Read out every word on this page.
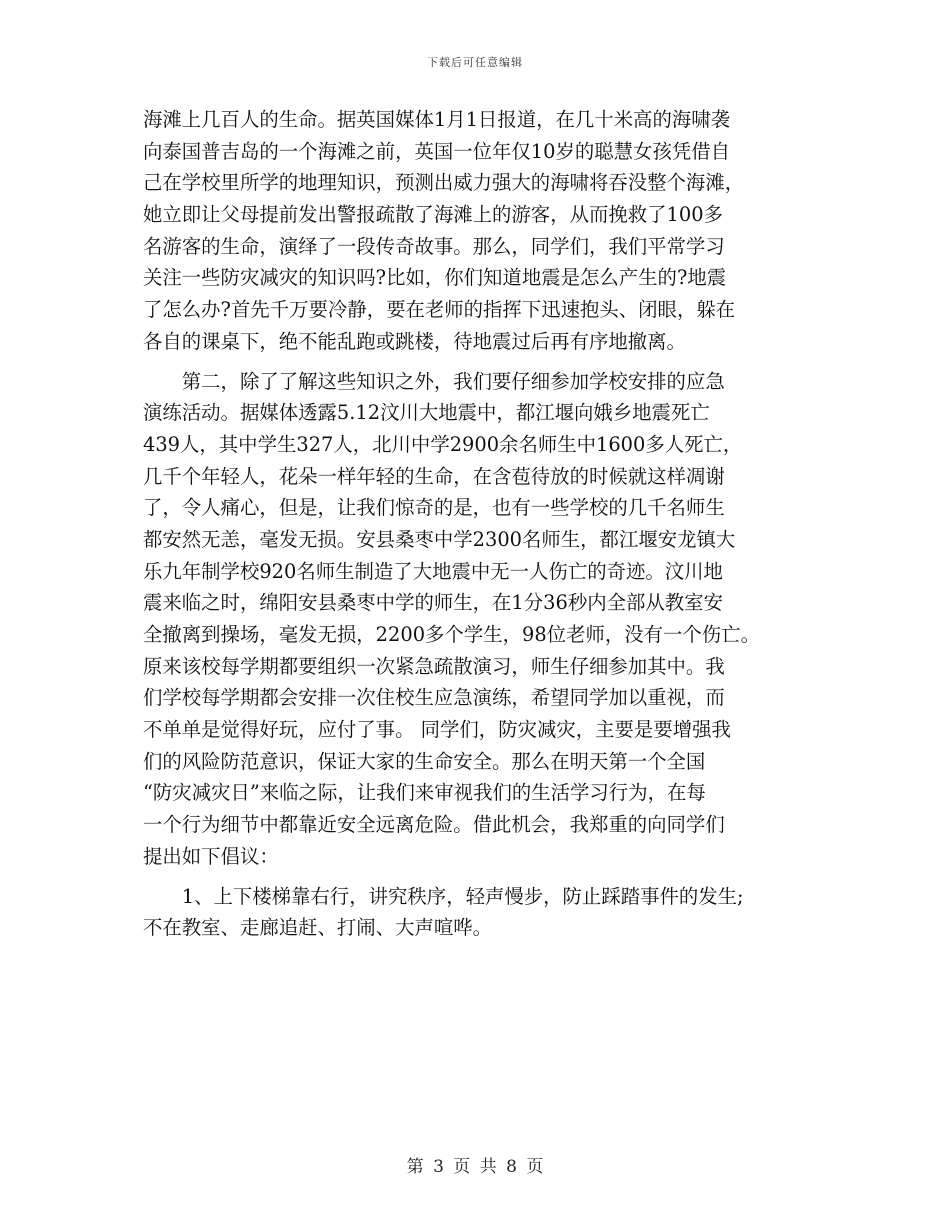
下载后可任意编辑
海滩上几百人的生命。据英国媒体1月1日报道，在几十米高的海啸袭
向泰国普吉岛的一个海滩之前，英国一位年仅10岁的聪慧女孩凭借自
己在学校里所学的地理知识，预测出威力强大的海啸将吞没整个海滩，
她立即让父母提前发出警报疏散了海滩上的游客，从而挽救了100多
名游客的生命，演绎了一段传奇故事。那么，同学们，我们平常学习
关注一些防灾减灾的知识吗?比如，你们知道地震是怎么产生的?地震
了怎么办?首先千万要冷静，要在老师的指挥下迅速抱头、闭眼，躲在
各自的课桌下，绝不能乱跑或跳楼，待地震过后再有序地撤离。
　　第二，除了了解这些知识之外，我们要仔细参加学校安排的应急
演练活动。据媒体透露5.12汶川大地震中，都江堰向娥乡地震死亡
439人，其中学生327人，北川中学2900余名师生中1600多人死亡，
几千个年轻人，花朵一样年轻的生命，在含苞待放的时候就这样凋谢
了，令人痛心，但是，让我们惊奇的是，也有一些学校的几千名师生
都安然无恙，毫发无损。安县桑枣中学2300名师生，都江堰安龙镇大
乐九年制学校920名师生制造了大地震中无一人伤亡的奇迹。汶川地
震来临之时，绵阳安县桑枣中学的师生，在1分36秒内全部从教室安
全撤离到操场，毫发无损，2200多个学生，98位老师，没有一个伤亡。
原来该校每学期都要组织一次紧急疏散演习，师生仔细参加其中。我
们学校每学期都会安排一次住校生应急演练，希望同学加以重视，而
不单单是觉得好玩，应付了事。 同学们，防灾减灾，主要是要增强我
们的风险防范意识，保证大家的生命安全。那么在明天第一个全国
“防灾减灾日”来临之际，让我们来审视我们的生活学习行为，在每
一个行为细节中都靠近安全远离危险。借此机会，我郑重的向同学们
提出如下倡议：
　　1、上下楼梯靠右行，讲究秩序，轻声慢步，防止踩踏事件的发生;
不在教室、走廊追赶、打闹、大声喧哗。
第 3 页 共 8 页
